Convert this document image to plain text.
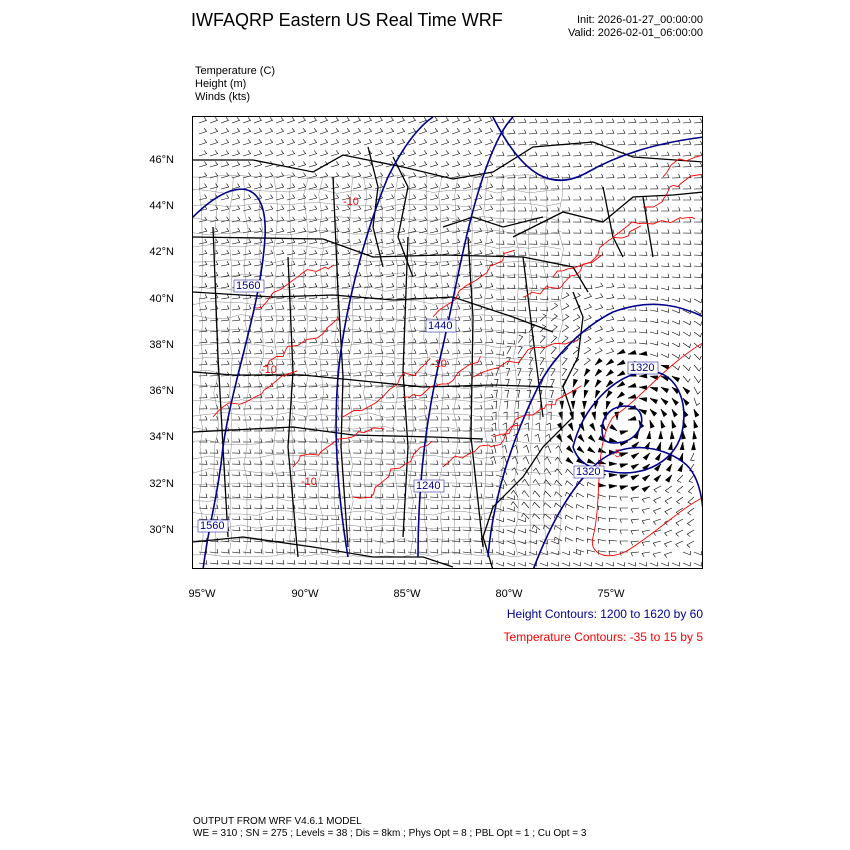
IWFAQRP Eastern US Real Time WRF	Init: 2026-01-27_00:00:00
Valid: 2026-02-01_06:00:00
Temperature (C)
Height (m)
Winds (kts)
1560
1440
1320
1320
1240
1560
-10
-10
-10
-10
-5
46°N
44°N
42°N
40°N
38°N
36°N
34°N
32°N
30°N
95°W	90°W	85°W	80°W	75°W
Height Contours: 1200 to 1620 by 60
Temperature Contours: -35 to 15 by 5
OUTPUT FROM WRF V4.6.1 MODEL
WE = 310 ; SN = 275 ; Levels = 38 ; Dis = 8km ; Phys Opt = 8 ; PBL Opt = 1 ; Cu Opt = 3
